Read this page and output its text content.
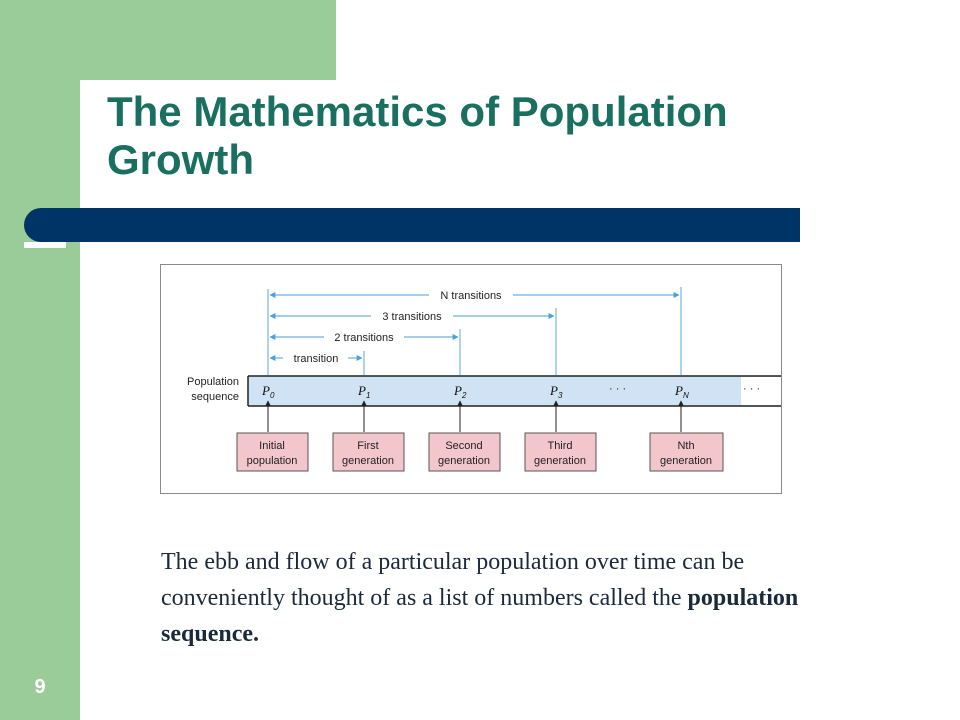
The Mathematics of Population Growth
N transitions
3 transitions
2 transitions
transition
Population
sequence $P_0$	$P_1$	$P_2$	$P_3$
· · ·	$P_N$
· · ·
Initial
population
First
generation
Second
generation
Third
generation
Nth
generation

The ebb and flow of a particular population over time can be conveniently thought of as a list of numbers called the population sequence.

9
